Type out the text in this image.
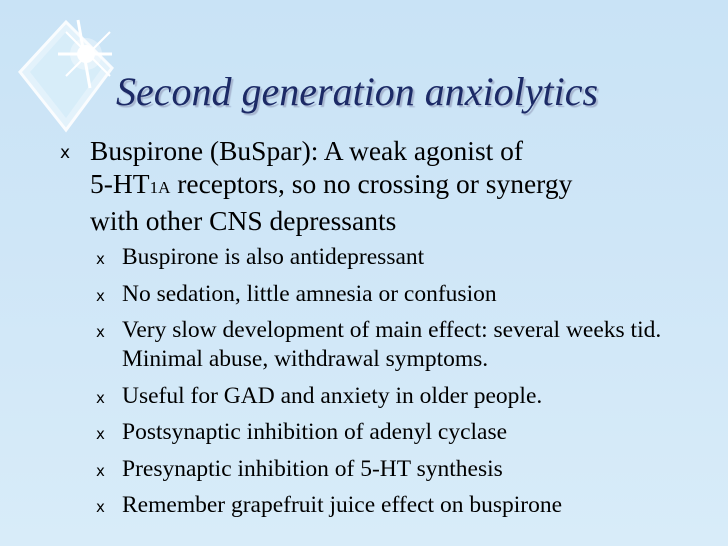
Second generation anxiolytics
x Buspirone (BuSpar): A weak agonist of
5-HT1A receptors, so no crossing or synergy
with other CNS depressants
x Buspirone is also antidepressant
x No sedation, little amnesia or confusion
x Very slow development of main effect: several weeks tid. Minimal abuse, withdrawal symptoms.
x Useful for GAD and anxiety in older people.
x Postsynaptic inhibition of adenyl cyclase
x Presynaptic inhibition of 5-HT synthesis
x Remember grapefruit juice effect on buspirone
